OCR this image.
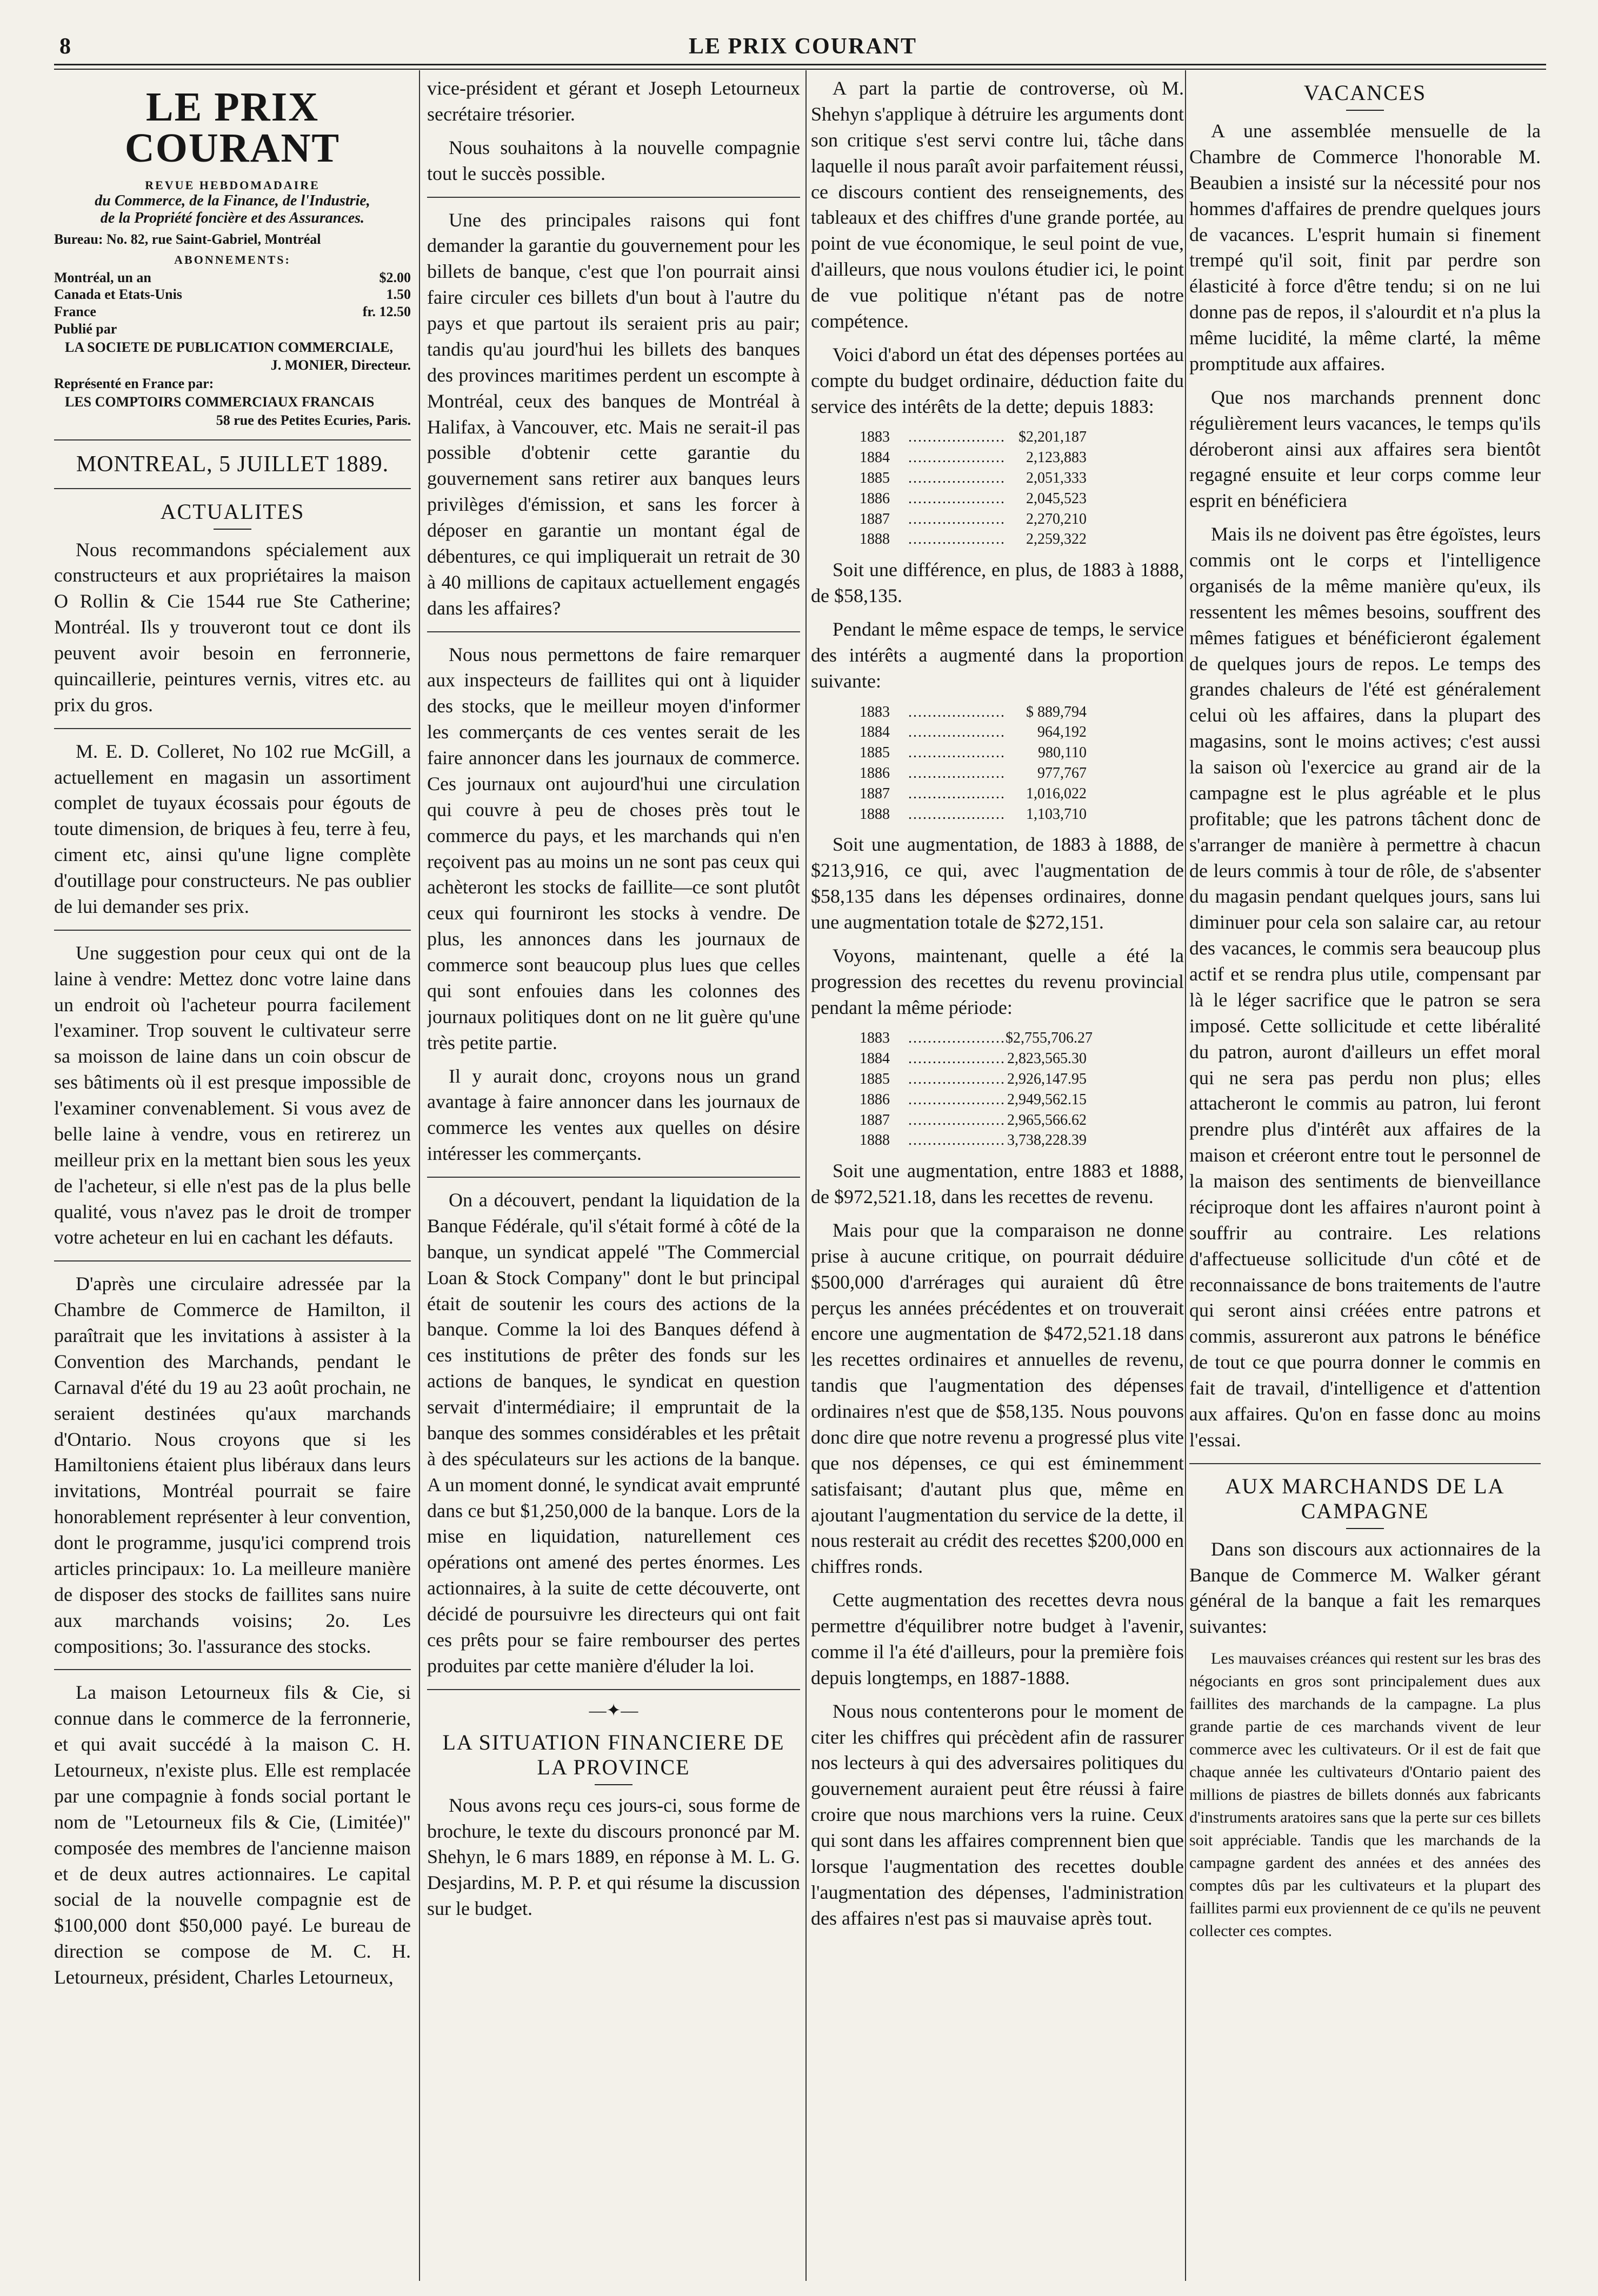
8	LE PRIX COURANT
LE PRIX COURANT
REVUE HEBDOMADAIRE
du Commerce, de la Finance, de l'Industrie,
de la Propriété foncière et des Assurances.
Bureau: No. 82, rue Saint-Gabriel, Montréal
ABONNEMENTS:
Montréal, un an	$2.00
Canada et Etats-Unis	1.50
France	fr. 12.50
Publié par
LA SOCIETE DE PUBLICATION COMMERCIALE,
J. MONIER, Directeur.
Représenté en France par:
LES COMPTOIRS COMMERCIAUX FRANCAIS
58 rue des Petites Ecuries, Paris.
MONTREAL, 5 JUILLET 1889.
ACTUALITES

Nous recommandons spécialement aux constructeurs et aux propriétaires la maison O Rollin & Cie 1544 rue Ste Catherine; Montréal. Ils y trouveront tout ce dont ils peuvent avoir besoin en ferronnerie, quincaillerie, peintures vernis, vitres etc. au prix du gros.

M. E. D. Colleret, No 102 rue McGill, a actuellement en magasin un assortiment complet de tuyaux écossais pour égouts de toute dimension, de briques à feu, terre à feu, ciment etc, ainsi qu'une ligne complète d'outillage pour constructeurs. Ne pas oublier de lui demander ses prix.

Une suggestion pour ceux qui ont de la laine à vendre: Mettez donc votre laine dans un endroit où l'acheteur pourra facilement l'examiner. Trop souvent le cultivateur serre sa moisson de laine dans un coin obscur de ses bâtiments où il est presque impossible de l'examiner convenablement. Si vous avez de belle laine à vendre, vous en retirerez un meilleur prix en la mettant bien sous les yeux de l'acheteur, si elle n'est pas de la plus belle qualité, vous n'avez pas le droit de tromper votre acheteur en lui en cachant les défauts.

D'après une circulaire adressée par la Chambre de Commerce de Hamilton, il paraîtrait que les invitations à assister à la Convention des Marchands, pendant le Carnaval d'été du 19 au 23 août prochain, ne seraient destinées qu'aux marchands d'Ontario. Nous croyons que si les Hamiltoniens étaient plus libéraux dans leurs invitations, Montréal pourrait se faire honorablement représenter à leur convention, dont le programme, jusqu'ici comprend trois articles principaux: 1o. La meilleure manière de disposer des stocks de faillites sans nuire aux marchands voisins; 2o. Les compositions; 3o. l'assurance des stocks.

La maison Letourneux fils & Cie, si connue dans le commerce de la ferronnerie, et qui avait succédé à la maison C. H. Letourneux, n'existe plus. Elle est remplacée par une compagnie à fonds social portant le nom de "Letourneux fils & Cie, (Limitée)" composée des membres de l'ancienne maison et de deux autres actionnaires. Le capital social de la nouvelle compagnie est de $100,000 dont $50,000 payé. Le bureau de direction se compose de M. C. H. Letourneux, président, Charles Letourneux,

vice-président et gérant et Joseph Letourneux secrétaire trésorier.

Nous souhaitons à la nouvelle compagnie tout le succès possible.

Une des principales raisons qui font demander la garantie du gouvernement pour les billets de banque, c'est que l'on pourrait ainsi faire circuler ces billets d'un bout à l'autre du pays et que partout ils seraient pris au pair; tandis qu'au jourd'hui les billets des banques des provinces maritimes perdent un escompte à Montréal, ceux des banques de Montréal à Halifax, à Vancouver, etc. Mais ne serait-il pas possible d'obtenir cette garantie du gouvernement sans retirer aux banques leurs privilèges d'émission, et sans les forcer à déposer en garantie un montant égal de débentures, ce qui impliquerait un retrait de 30 à 40 millions de capitaux actuellement engagés dans les affaires?

Nous nous permettons de faire remarquer aux inspecteurs de faillites qui ont à liquider des stocks, que le meilleur moyen d'informer les commerçants de ces ventes serait de les faire annoncer dans les journaux de commerce. Ces journaux ont aujourd'hui une circulation qui couvre à peu de choses près tout le commerce du pays, et les marchands qui n'en reçoivent pas au moins un ne sont pas ceux qui achèteront les stocks de faillite—ce sont plutôt ceux qui fourniront les stocks à vendre. De plus, les annonces dans les journaux de commerce sont beaucoup plus lues que celles qui sont enfouies dans les colonnes des journaux politiques dont on ne lit guère qu'une très petite partie.

Il y aurait donc, croyons nous un grand avantage à faire annoncer dans les journaux de commerce les ventes aux quelles on désire intéresser les commerçants.

On a découvert, pendant la liquidation de la Banque Fédérale, qu'il s'était formé à côté de la banque, un syndicat appelé "The Commercial Loan & Stock Company" dont le but principal était de soutenir les cours des actions de la banque. Comme la loi des Banques défend à ces institutions de prêter des fonds sur les actions de banques, le syndicat en question servait d'intermédiaire; il empruntait de la banque des sommes considérables et les prêtait à des spéculateurs sur les actions de la banque. A un moment donné, le syndicat avait emprunté dans ce but $1,250,000 de la banque. Lors de la mise en liquidation, naturellement ces opérations ont amené des pertes énormes. Les actionnaires, à la suite de cette découverte, ont décidé de poursuivre les directeurs qui ont fait ces prêts pour se faire rembourser des pertes produites par cette manière d'éluder la loi.

—✦—
LA SITUATION FINANCIERE DE LA PROVINCE

Nous avons reçu ces jours-ci, sous forme de brochure, le texte du discours prononcé par M. Shehyn, le 6 mars 1889, en réponse à M. L. G. Desjardins, M. P. P. et qui résume la discussion sur le budget.

A part la partie de controverse, où M. Shehyn s'applique à détruire les arguments dont son critique s'est servi contre lui, tâche dans laquelle il nous paraît avoir parfaitement réussi, ce discours contient des renseignements, des tableaux et des chiffres d'une grande portée, au point de vue économique, le seul point de vue, d'ailleurs, que nous voulons étudier ici, le point de vue politique n'étant pas de notre compétence.

Voici d'abord un état des dépenses portées au compte du budget ordinaire, déduction faite du service des intérêts de la dette; depuis 1883:

1883 .....	$2,201,187
1884 .....	2,123,883
1885 .....	2,051,333
1886 .....	2,045,523
1887 .....	2,270,210
1888 .....	2,259,322

Soit une différence, en plus, de 1883 à 1888, de $58,135.

Pendant le même espace de temps, le service des intérêts a augmenté dans la proportion suivante:

1883 .....	$ 889,794
1884 .....	964,192
1885 .....	980,110
1886 .....	977,767
1887 .....	1,016,022
1888 .....	1,103,710

Soit une augmentation, de 1883 à 1888, de $213,916, ce qui, avec l'augmentation de $58,135 dans les dépenses ordinaires, donne une augmentation totale de $272,151.

Voyons, maintenant, quelle a été la progression des recettes du revenu provincial pendant la même période:

1883 .....	$2,755,706.27
1884 .....	2,823,565.30
1885 .....	2,926,147.95
1886 .....	2,949,562.15
1887 .....	2,965,566.62
1888 .....	3,738,228.39

Soit une augmentation, entre 1883 et 1888, de $972,521.18, dans les recettes de revenu.

Mais pour que la comparaison ne donne prise à aucune critique, on pourrait déduire $500,000 d'arrérages qui auraient dû être perçus les années précédentes et on trouverait encore une augmentation de $472,521.18 dans les recettes ordinaires et annuelles de revenu, tandis que l'augmentation des dépenses ordinaires n'est que de $58,135. Nous pouvons donc dire que notre revenu a progressé plus vite que nos dépenses, ce qui est éminemment satisfaisant; d'autant plus que, même en ajoutant l'augmentation du service de la dette, il nous resterait au crédit des recettes $200,000 en chiffres ronds.

Cette augmentation des recettes devra nous permettre d'équilibrer notre budget à l'avenir, comme il l'a été d'ailleurs, pour la première fois depuis longtemps, en 1887-1888.

Nous nous contenterons pour le moment de citer les chiffres qui précèdent afin de rassurer nos lecteurs à qui des adversaires politiques du gouvernement auraient peut être réussi à faire croire que nous marchions vers la ruine. Ceux qui sont dans les affaires comprennent bien que lorsque l'augmentation des recettes double l'augmentation des dépenses, l'administration des affaires n'est pas si mauvaise après tout.

VACANCES

A une assemblée mensuelle de la Chambre de Commerce l'honorable M. Beaubien a insisté sur la nécessité pour nos hommes d'affaires de prendre quelques jours de vacances. L'esprit humain si finement trempé qu'il soit, finit par perdre son élasticité à force d'être tendu; si on ne lui donne pas de repos, il s'alourdit et n'a plus la même lucidité, la même clarté, la même promptitude aux affaires.

Que nos marchands prennent donc régulièrement leurs vacances, le temps qu'ils déroberont ainsi aux affaires sera bientôt regagné ensuite et leur corps comme leur esprit en bénéficiera

Mais ils ne doivent pas être égoïstes, leurs commis ont le corps et l'intelligence organisés de la même manière qu'eux, ils ressentent les mêmes besoins, souffrent des mêmes fatigues et bénéficieront également de quelques jours de repos. Le temps des grandes chaleurs de l'été est généralement celui où les affaires, dans la plupart des magasins, sont le moins actives; c'est aussi la saison où l'exercice au grand air de la campagne est le plus agréable et le plus profitable; que les patrons tâchent donc de s'arranger de manière à permettre à chacun de leurs commis à tour de rôle, de s'absenter du magasin pendant quelques jours, sans lui diminuer pour cela son salaire car, au retour des vacances, le commis sera beaucoup plus actif et se rendra plus utile, compensant par là le léger sacrifice que le patron se sera imposé. Cette sollicitude et cette libéralité du patron, auront d'ailleurs un effet moral qui ne sera pas perdu non plus; elles attacheront le commis au patron, lui feront prendre plus d'intérêt aux affaires de la maison et créeront entre tout le personnel de la maison des sentiments de bienveillance réciproque dont les affaires n'auront point à souffrir au contraire. Les relations d'affectueuse sollicitude d'un côté et de reconnaissance de bons traitements de l'autre qui seront ainsi créées entre patrons et commis, assureront aux patrons le bénéfice de tout ce que pourra donner le commis en fait de travail, d'intelligence et d'attention aux affaires. Qu'on en fasse donc au moins l'essai.

AUX MARCHANDS DE LA CAMPAGNE

Dans son discours aux actionnaires de la Banque de Commerce M. Walker gérant général de la banque a fait les remarques suivantes:

Les mauvaises créances qui restent sur les bras des négociants en gros sont principalement dues aux faillites des marchands de la campagne. La plus grande partie de ces marchands vivent de leur commerce avec les cultivateurs. Or il est de fait que chaque année les cultivateurs d'Ontario paient des millions de piastres de billets donnés aux fabricants d'instruments aratoires sans que la perte sur ces billets soit appréciable. Tandis que les marchands de la campagne gardent des années et des années des comptes dûs par les cultivateurs et la plupart des faillites parmi eux proviennent de ce qu'ils ne peuvent collecter ces comptes.
